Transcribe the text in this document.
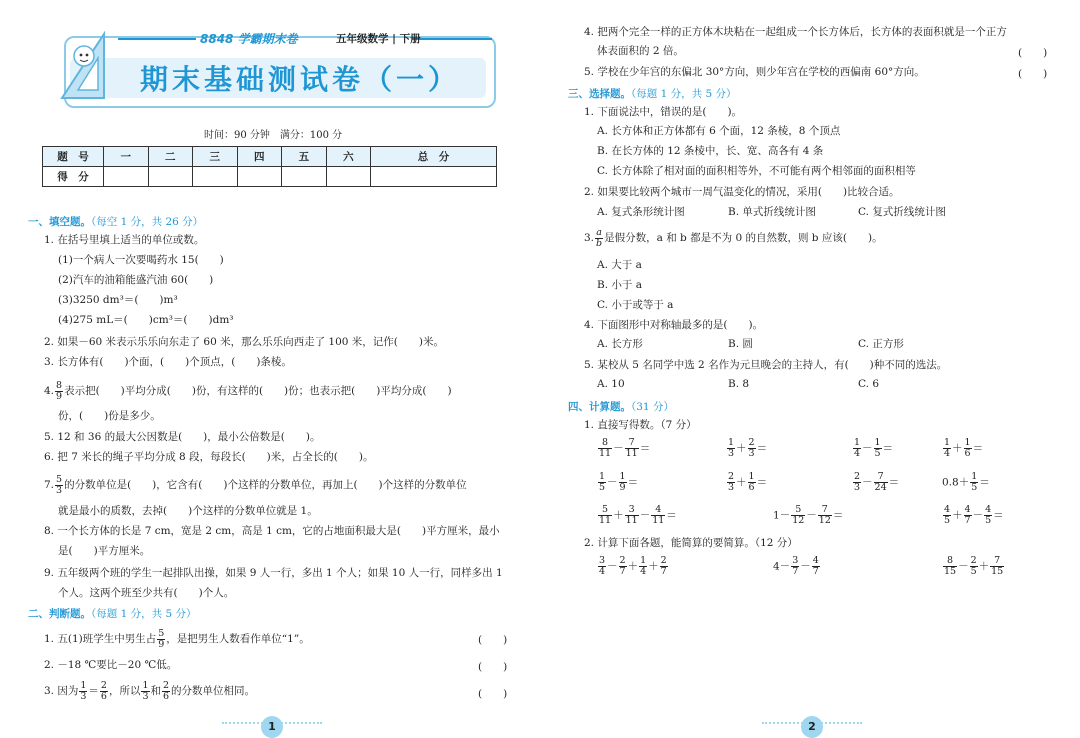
8848 学霸期末卷	五年级数学 | 下册
期末基础测试卷（一）
时间：90 分钟　满分：100 分
题　号	一	二	三	四	五	六	总　分
得　分							
一、填空题。（每空 1 分，共 26 分）
1. 在括号里填上适当的单位或数。
(1)一个病人一次要喝药水 15(　　)
(2)汽车的油箱能盛汽油 60(　　)
(3)3250 dm³＝(　　)m³
(4)275 mL＝(　　)cm³＝(　　)dm³
2. 如果－60 米表示乐乐向东走了 60 米，那么乐乐向西走了 100 米，记作(　　)米。
3. 长方体有(　　)个面，(　　)个顶点，(　　)条棱。
4. $\frac{8}{9}$ 表示把(　　)平均分成(　　)份，有这样的(　　)份；也表示把(　　)平均分成(　　)
份，(　　)份是多少。
5. 12 和 36 的最大公因数是(　　)，最小公倍数是(　　)。
6. 把 7 米长的绳子平均分成 8 段，每段长(　　)米，占全长的(　　)。
7. $\frac{5}{3}$ 的分数单位是(　　)，它含有(　　)个这样的分数单位，再加上(　　)个这样的分数单位
就是最小的质数，去掉(　　)个这样的分数单位就是 1。
8. 一个长方体的长是 7 cm，宽是 2 cm，高是 1 cm，它的占地面积最大是(　　)平方厘米，最小
是(　　)平方厘米。
9. 五年级两个班的学生一起排队出操，如果 9 人一行，多出 1 个人；如果 10 人一行，同样多出 1
个人。这两个班至少共有(　　)个人。
二、判断题。（每题 1 分，共 5 分）
1. 五(1)班学生中男生占 $\frac{5}{9}$ ，是把男生人数看作单位“1”。	(　　)
2. －18 ℃要比－20 ℃低。	(　　)
3. 因为 $\frac{1}{3} = \frac{2}{6}$ ，所以 $\frac{1}{3}$ 和 $\frac{2}{6}$ 的分数单位相同。	(　　)
1
4. 把两个完全一样的正方体木块粘在一起组成一个长方体后，长方体的表面积就是一个正方
体表面积的 2 倍。	(　　)
5. 学校在少年宫的东偏北 30°方向，则少年宫在学校的西偏南 60°方向。	(　　)
三、选择题。（每题 1 分，共 5 分）
1. 下面说法中，错误的是(　　)。
A. 长方体和正方体都有 6 个面，12 条棱，8 个顶点
B. 在长方体的 12 条棱中，长、宽、高各有 4 条
C. 长方体除了相对面的面积相等外，不可能有两个相邻面的面积相等
2. 如果要比较两个城市一周气温变化的情况，采用(　　)比较合适。
A. 复式条形统计图	B. 单式折线统计图	C. 复式折线统计图
3. $\frac{a}{b}$ 是假分数，a 和 b 都是不为 0 的自然数，则 b 应该(　　)。
A. 大于 a
B. 小于 a
C. 小于或等于 a
4. 下面图形中对称轴最多的是(　　)。
A. 长方形	B. 圆	C. 正方形
5. 某校从 5 名同学中选 2 名作为元旦晚会的主持人，有(　　)种不同的选法。
A. 10	B. 8	C. 6
四、计算题。（31 分）
1. 直接写得数。（7 分）
$\frac{8}{11} - \frac{7}{11}$ ＝	$\frac{1}{3} + \frac{2}{3}$ ＝	$\frac{1}{4} - \frac{1}{5}$ ＝	$\frac{1}{4} + \frac{1}{6}$ ＝
$\frac{1}{5} - \frac{1}{9}$ ＝	$\frac{2}{3} + \frac{1}{6}$ ＝	$\frac{2}{3} - \frac{7}{24}$ ＝	$0.8+ \frac{1}{5}$ ＝
$\frac{5}{11} + \frac{3}{11} - \frac{4}{11}$ ＝	$1- \frac{5}{12} - \frac{7}{12}$ ＝	$\frac{4}{5} + \frac{4}{7} - \frac{4}{5}$ ＝
2. 计算下面各题，能简算的要简算。（12 分）
$\frac{3}{4} - \frac{2}{7} + \frac{1}{4} + \frac{2}{7}$	$4- \frac{3}{7} - \frac{4}{7}$	$\frac{8}{15} - \frac{2}{5} + \frac{7}{15}$
2
